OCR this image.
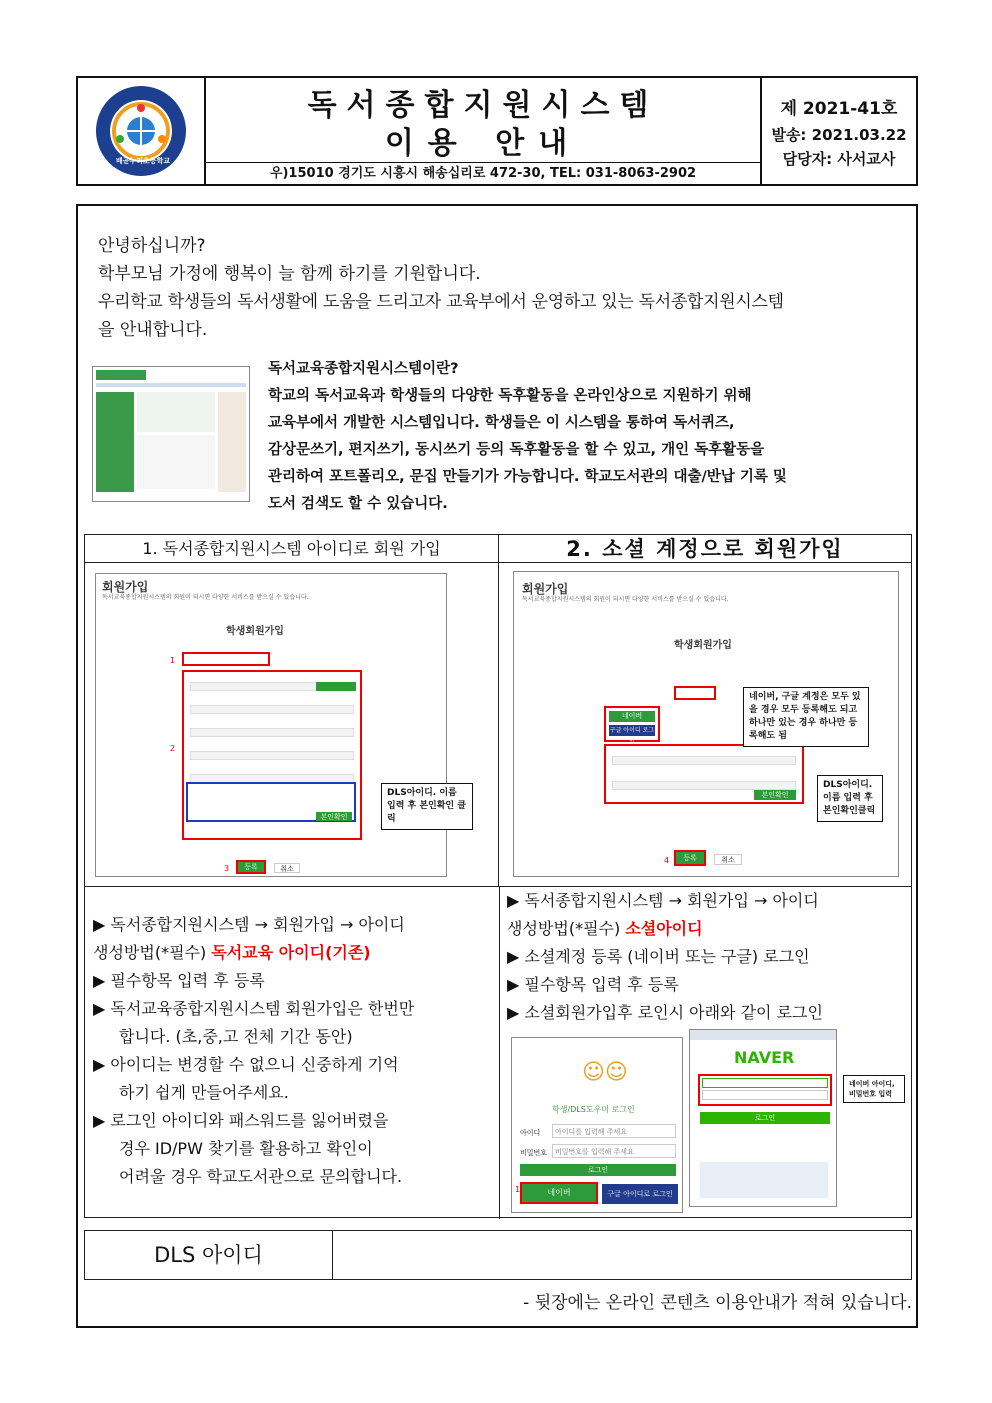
배곧누리초등학교
독서종합지원시스템
이용 안내
우)15010 경기도 시흥시 해송십리로 472-30, TEL: 031-8063-2902
제 2021-41호
발송: 2021.03.22
담당자: 사서교사

안녕하십니까?

학부모님 가정에 행복이 늘 함께 하기를 기원합니다.

우리학교 학생들의 독서생활에 도움을 드리고자 교육부에서 운영하고 있는 독서종합지원시스템

을 안내합니다.

독서교육종합지원시스템이란?

학교의 독서교육과 학생들의 다양한 독후활동을 온라인상으로 지원하기 위해

교육부에서 개발한 시스템입니다. 학생들은 이 시스템을 통하여 독서퀴즈,

감상문쓰기, 편지쓰기, 동시쓰기 등의 독후활동을 할 수 있고, 개인 독후활동을

관리하여 포트폴리오, 문집 만들기가 가능합니다. 학교도서관의 대출/반납 기록 및

도서 검색도 할 수 있습니다.

1. 독서종합지원시스템 아이디로 회원 가입	2. 소셜 계정으로 회원가입
회원가입
독서교육종합지원시스템의 회원이 되시면 다양한 서비스를 받으실 수 있습니다.
학생회원가입
본인확인
1
2
3	등록	취소
DLS아이디. 이름 입력 후 본인확인 클릭
회원가입
독서교육종합지원시스템의 회원이 되시면 다양한 서비스를 받으실 수 있습니다.
학생회원가입
네이버
구글 아이디 로그인
본인확인
4	등록	취소
네이버, 구글 계정은 모두 있을 경우 모두 등록해도 되고 하나만 있는 경우 하나만 등록해도 됨
DLS아이디. 이름 입력 후 본인확인클릭

▶ 독서종합지원시스템 → 회원가입 → 아이디

생성방법(*필수) 독서교육 아이디(기존)

▶ 필수항목 입력 후 등록

▶ 독서교육종합지원시스템 회원가입은 한번만

합니다. (초,중,고 전체 기간 동안)

▶ 아이디는 변경할 수 없으니 신중하게 기억

하기 쉽게 만들어주세요.

▶ 로그인 아이디와 패스워드를 잃어버렸을

경우 ID/PW 찾기를 활용하고 확인이

어려울 경우 학교도서관으로 문의합니다.

▶ 독서종합지원시스템 → 회원가입 → 아이디

생성방법(*필수) 소셜아이디

▶ 소셜계정 등록 (네이버 또는 구글) 로그인

▶ 필수항목 입력 후 등록

▶ 소셜회원가입후 로인시 아래와 같이 로그인

☺☺
학생/DLS도우미 로그인
아이디	아이디를 입력해 주세요
비밀번호	비밀번호를 입력해 주세요
로그인
네이버	구글 아이디로 로그인
NAVER
로그인
네이버 아이디, 비밀번호 입력
1
DLS 아이디
- 뒷장에는 온라인 콘텐츠 이용안내가 적혀 있습니다.
